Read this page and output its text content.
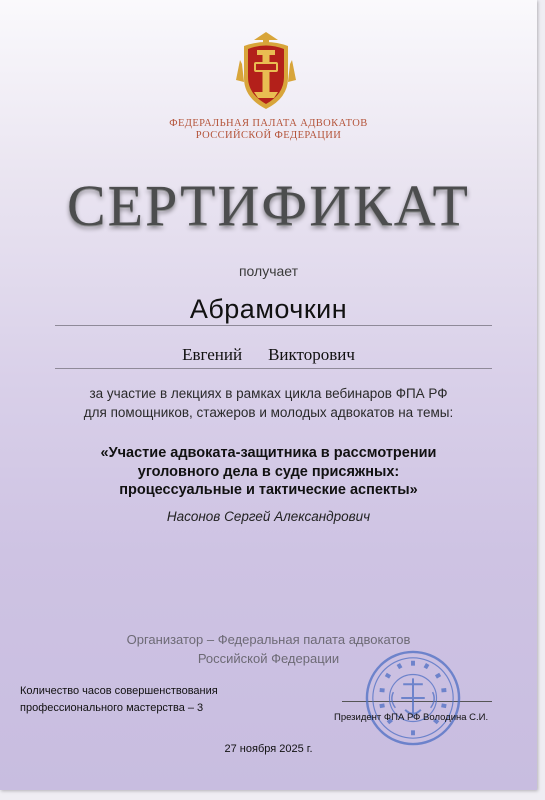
ФЕДЕРАЛЬНАЯ ПАЛАТА АДВОКАТОВ
РОССИЙСКОЙ ФЕДЕРАЦИИ
СЕРТИФИКАТ
получает
Абрамочкин
Евгений Викторович
за участие в лекциях в рамках цикла вебинаров ФПА РФ
для помощников, стажеров и молодых адвокатов на темы:
«Участие адвоката-защитника в рассмотрении
уголовного дела в суде присяжных:
процессуальные и тактические аспекты»
Насонов Сергей Александрович
Организатор – Федеральная палата адвокатов
Российской Федерации
Количество часов совершенствования
профессионального мастерства – 3
Президент ФПА РФ Володина С.И.
27 ноября 2025 г.
